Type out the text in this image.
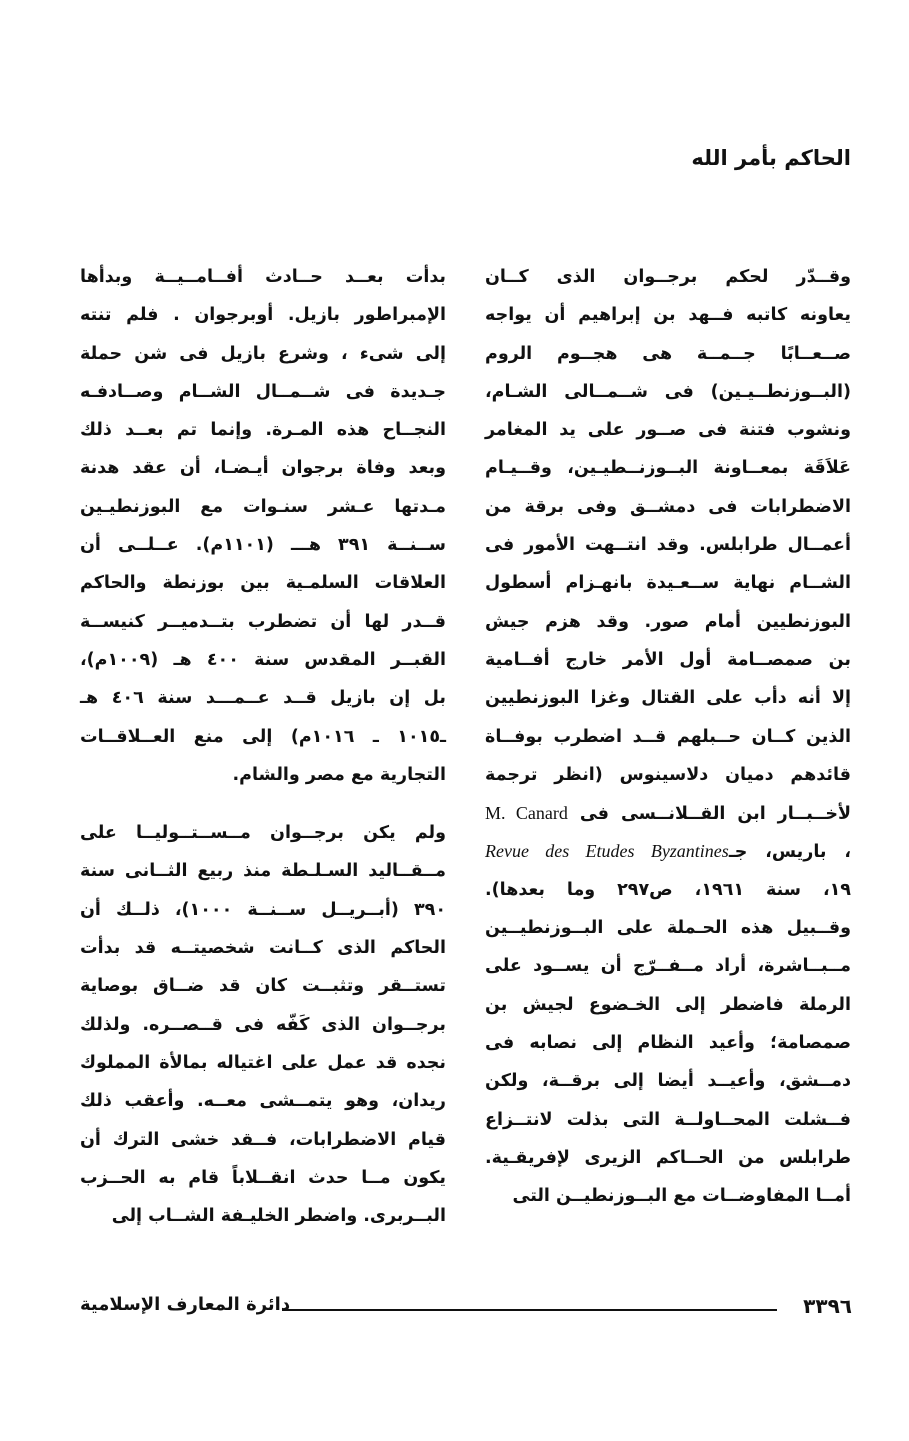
الحاكم بأمر الله
وقــدّر لحكم برجــوان الذى كــان
يعاونه كاتبه فــهد بن إبراهيم أن يواجه
صــعــابًا جــمــة هى هجــوم الروم
(البــوزنطــيـين) فى شــمــالى الشـام،
ونشوب فتنة فى صــور على يد المغامر
عَلاَقَة بمعــاونة البــوزنــطيـين، وقــيـام
الاضطرابات فى دمشــق وفى برقة من
أعمــال طرابلس. وقد انتــهت الأمور فى
الشــام نهاية ســعـيدة بانهـزام أسطول
البوزنطيين أمام صور. وقد هزم جيش
بن صمصــامة أول الأمر خارج أفــامية
إلا أنه دأب على القتال وغزا البوزنطيين
الذين كــان حــبلهم قــد اضطرب بوفــاة
قائدهم دميان دلاسينوس (انظر ترجمة
لأخــبــار ابن القــلانــسى فى M. Canard
، باريس، جـRevue des Etudes Byzantines
١٩، سنة ١٩٦١، ص٢٩٧ وما بعدها).
وقــبيل هذه الحـملة على البــوزنطيــين
مــبــاشرة، أراد مــفــرّج أن يســود على
الرملة فاضطر إلى الخـضوع لجيش بن
صمصامة؛ وأعيد النظام إلى نصابه فى
دمــشق، وأعيــد أيضا إلى برقــة، ولكن
فــشلت المحــاولــة التى بذلت لانتــزاع
طرابلس من الحــاكم الزيرى لإفريقـية.
أمــا المفاوضــات مع البــوزنطيــن التى
بدأت بعــد حــادث أفــامــيــة وبدأها
الإمبراطور بازيل. أوبرجوان . فلم تنته
إلى شىء ، وشرع بازيل فى شن حملة
جـديدة فى شــمــال الشــام وصــادفـه
النجــاح هذه المـرة. وإنما تم بعــد ذلك
وبعد وفاة برجوان أيـضـا، أن عقد هدنة
مـدتها عـشر سنـوات مع البوزنطيـين
ســنــة ٣٩١ هـــ (١١٠١م). عــلــى أن
العلاقات السلمـية بين بوزنطة والحاكم
قــدر لها أن تضطرب بتــدميــر كنيســة
القبــر المقدس سنة ٤٠٠ هـ (١٠٠٩م)،
بل إن بازيل قــد عــمـــد سنة ٤٠٦ هـ
ـ١٠١٥ ـ ١٠١٦م) إلى منع العــلاقــات
التجارية مع مصر والشام.
ولم يكن برجــوان مــســتــوليــا على
مــقــاليد السـلـطة منذ ربيع الثــانى سنة
٣٩٠ (أبــريــل ســنــة ١٠٠٠)، ذلــك أن
الحاكم الذى كــانت شخصيتــه قد بدأت
تستــقر وتثبــت كان قد ضــاق بوصاية
برجــوان الذى كَفّه فى قــصــره. ولذلك
نجده قد عمل على اغتياله بمالأة المملوك
ريدان، وهو يتمــشى معــه. وأعقب ذلك
قيام الاضطرابات، فــقد خشى الترك أن
يكون مــا حدث انقــلاباً قام به الحــزب
البــربرى. واضطر الخليـفة الشــاب إلى
٣٣٩٦
دائرة المعارف الإسلامية
